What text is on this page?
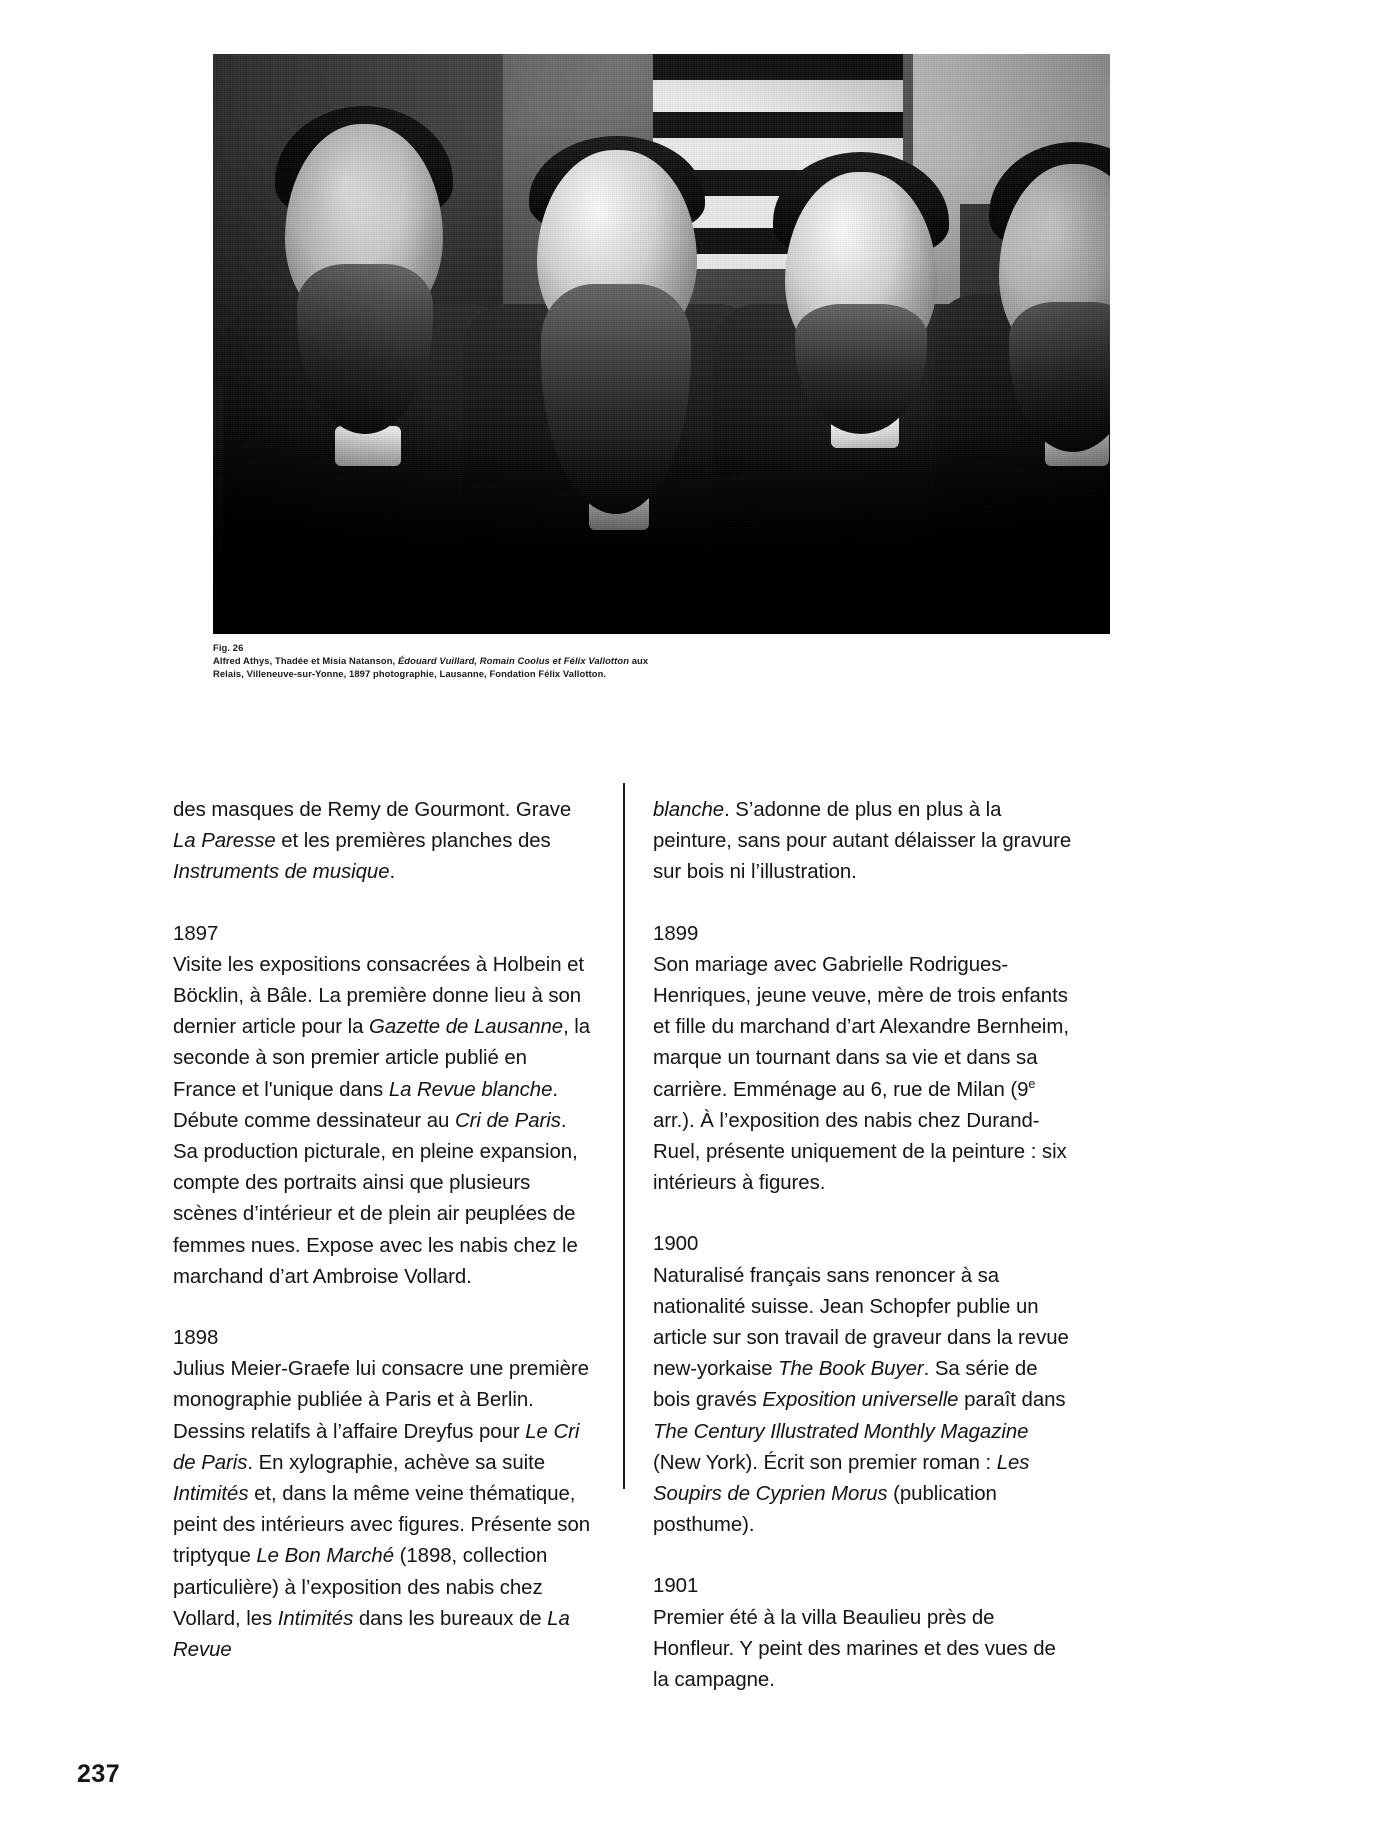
Fig. 26
Alfred Athys, Thadée et Misia Natanson, Édouard Vuillard, Romain Coolus et Félix Vallotton aux Relais, Villeneuve-sur-Yonne, 1897 photographie, Lausanne, Fondation Félix Vallotton.

des masques de Remy de Gourmont. Grave La Paresse et les premières planches des Instruments de musique.

1897

Visite les expositions consacrées à Holbein et Böcklin, à Bâle. La première donne lieu à son dernier article pour la Gazette de Lausanne, la seconde à son premier article publié en France et l'unique dans La Revue blanche. Débute comme dessinateur au Cri de Paris. Sa production picturale, en pleine expansion, compte des portraits ainsi que plusieurs scènes d’intérieur et de plein air peuplées de femmes nues. Expose avec les nabis chez le marchand d’art Ambroise Vollard.

1898

Julius Meier-Graefe lui consacre une première monographie publiée à Paris et à Berlin. Dessins relatifs à l’affaire Dreyfus pour Le Cri de Paris. En xylographie, achève sa suite Intimités et, dans la même veine thématique, peint des intérieurs avec figures. Présente son triptyque Le Bon Marché (1898, collection particulière) à l’exposition des nabis chez Vollard, les Intimités dans les bureaux de La Revue

blanche. S’adonne de plus en plus à la peinture, sans pour autant délaisser la gravure sur bois ni l’illustration.

1899

Son mariage avec Gabrielle Rodrigues-Henriques, jeune veuve, mère de trois enfants et fille du marchand d’art Alexandre Bernheim, marque un tournant dans sa vie et dans sa carrière. Emménage au 6, rue de Milan (9e arr.). À l’exposition des nabis chez Durand-Ruel, présente uniquement de la peinture : six intérieurs à figures.

1900

Naturalisé français sans renoncer à sa nationalité suisse. Jean Schopfer publie un article sur son travail de graveur dans la revue new-yorkaise The Book Buyer. Sa série de bois gravés Exposition universelle paraît dans The Century Illustrated Monthly Magazine (New York). Écrit son premier roman : Les Soupirs de Cyprien Morus (publication posthume).

1901

Premier été à la villa Beaulieu près de Honfleur. Y peint des marines et des vues de la campagne.

237
